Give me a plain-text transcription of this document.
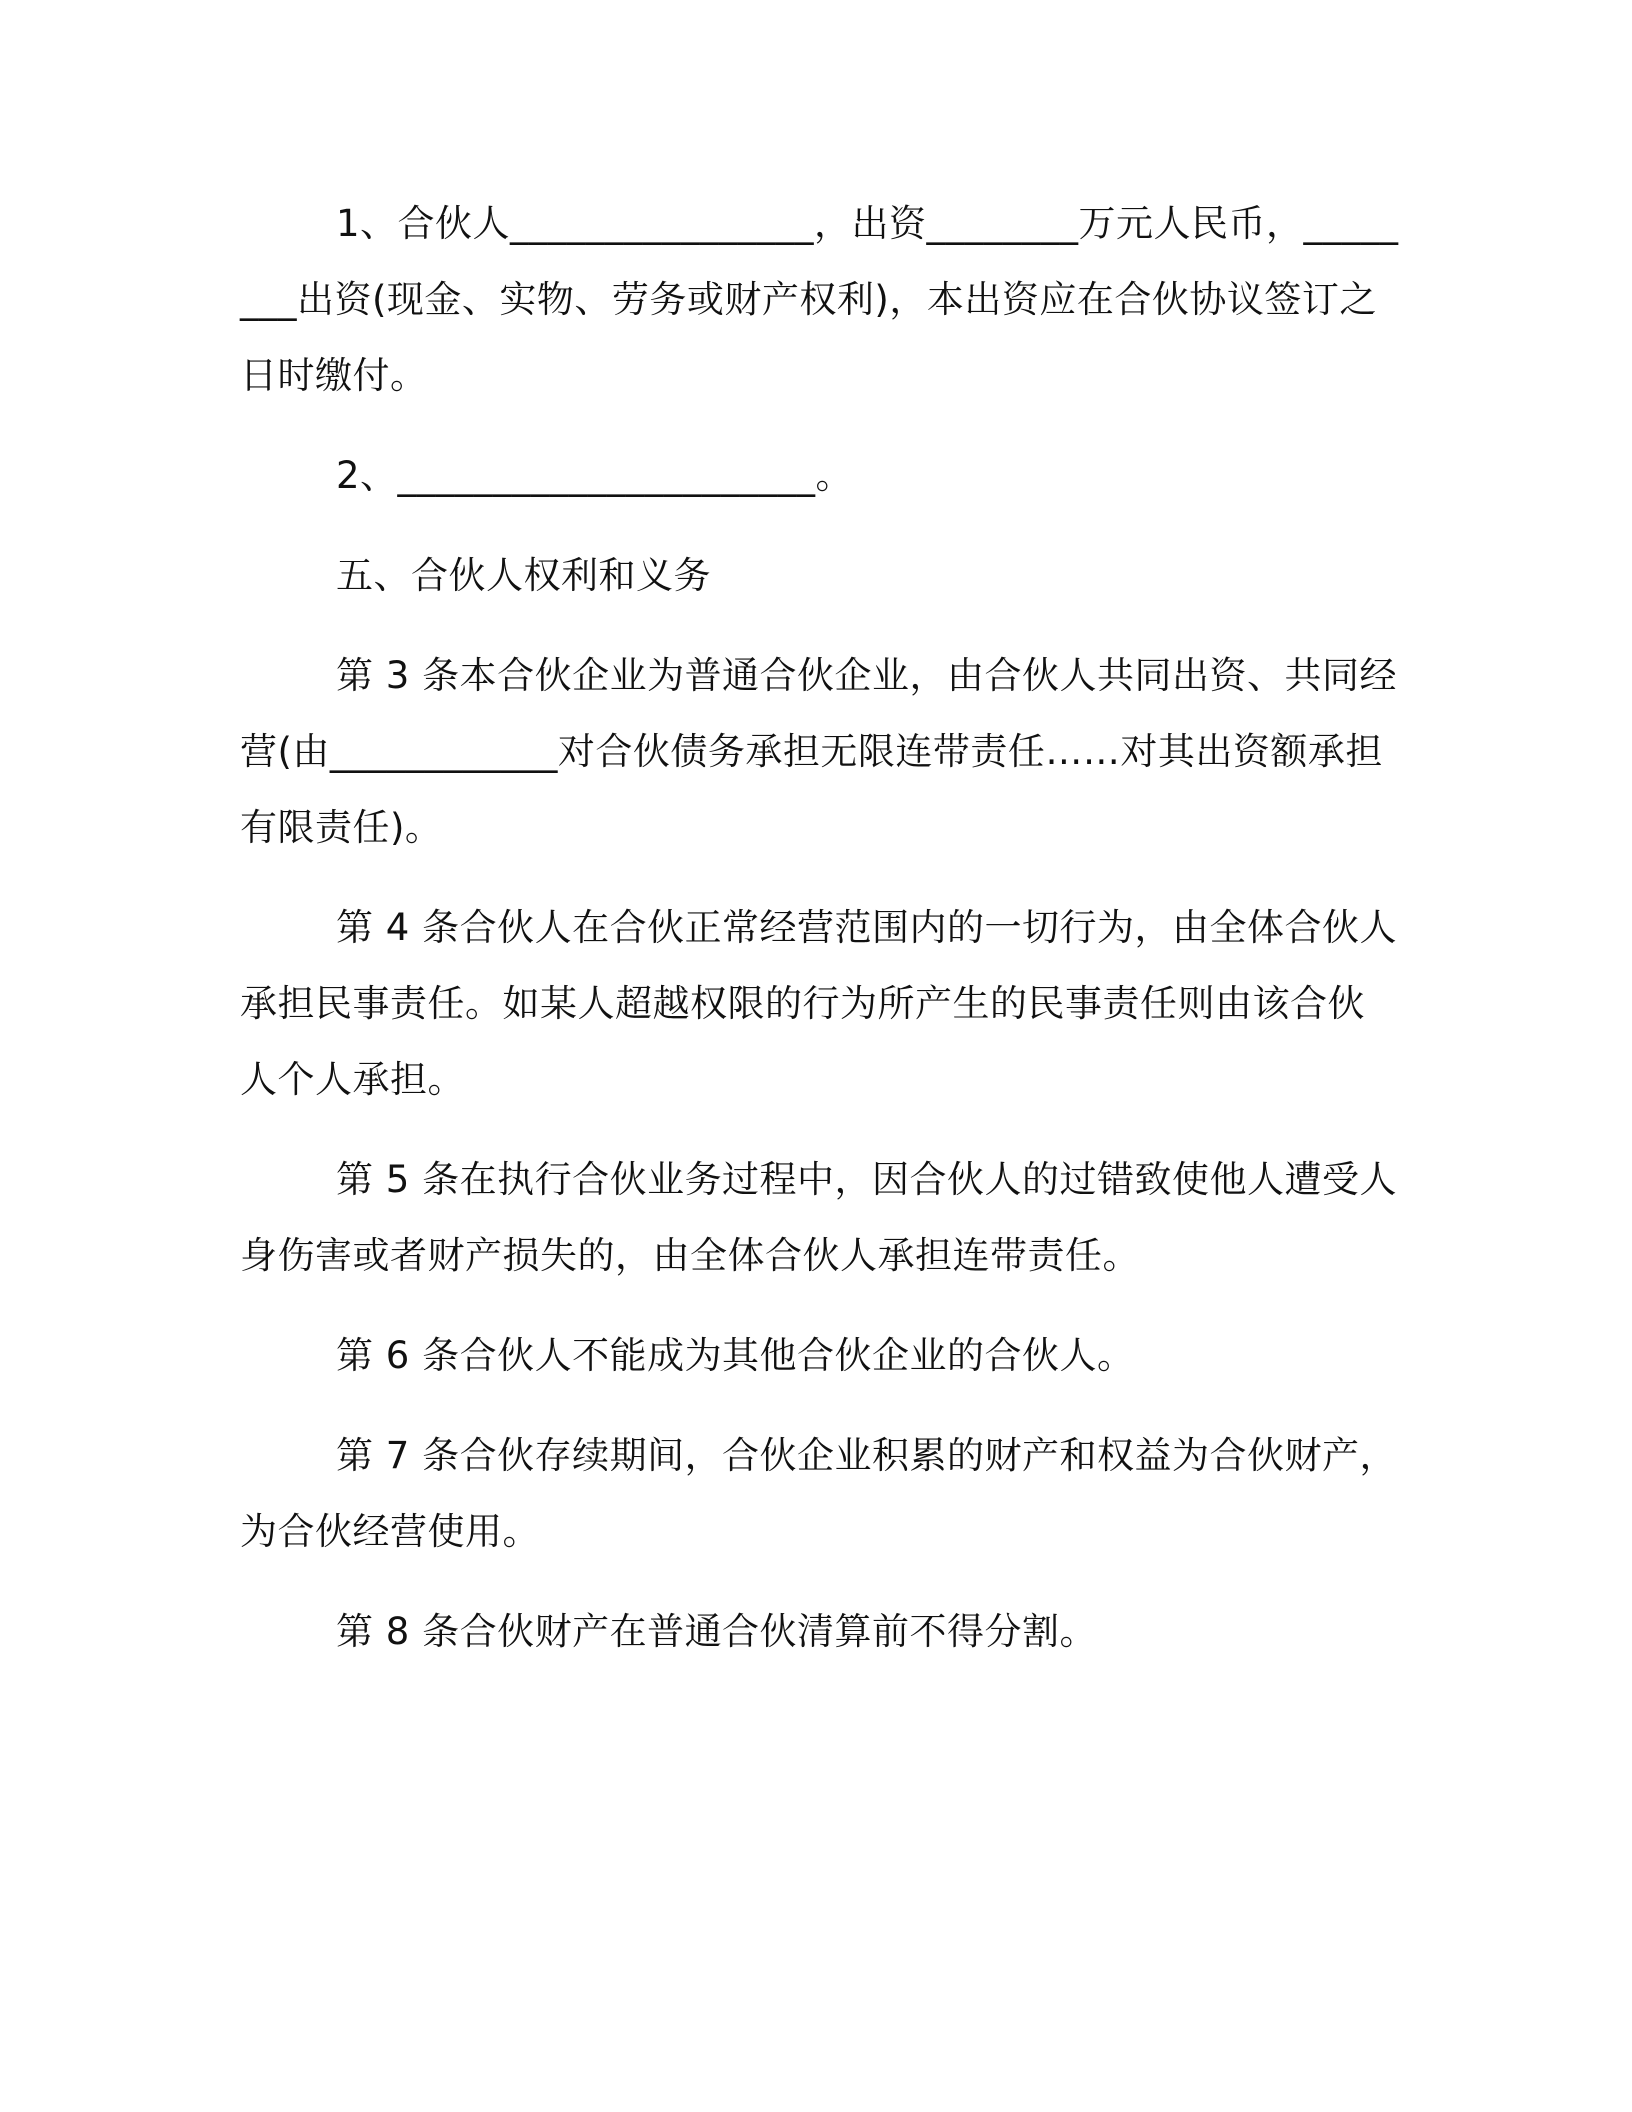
1、合伙人________________，出资________万元人民币，________出资(现金、实物、劳务或财产权利)，本出资应在合伙协议签订之日时缴付。

2、______________________。

五、合伙人权利和义务

第 3 条本合伙企业为普通合伙企业，由合伙人共同出资、共同经营(由____________对合伙债务承担无限连带责任……对其出资额承担有限责任)。

第 4 条合伙人在合伙正常经营范围内的一切行为，由全体合伙人承担民事责任。如某人超越权限的行为所产生的民事责任则由该合伙人个人承担。

第 5 条在执行合伙业务过程中，因合伙人的过错致使他人遭受人身伤害或者财产损失的，由全体合伙人承担连带责任。

第 6 条合伙人不能成为其他合伙企业的合伙人。

第 7 条合伙存续期间，合伙企业积累的财产和权益为合伙财产，为合伙经营使用。

第 8 条合伙财产在普通合伙清算前不得分割。
